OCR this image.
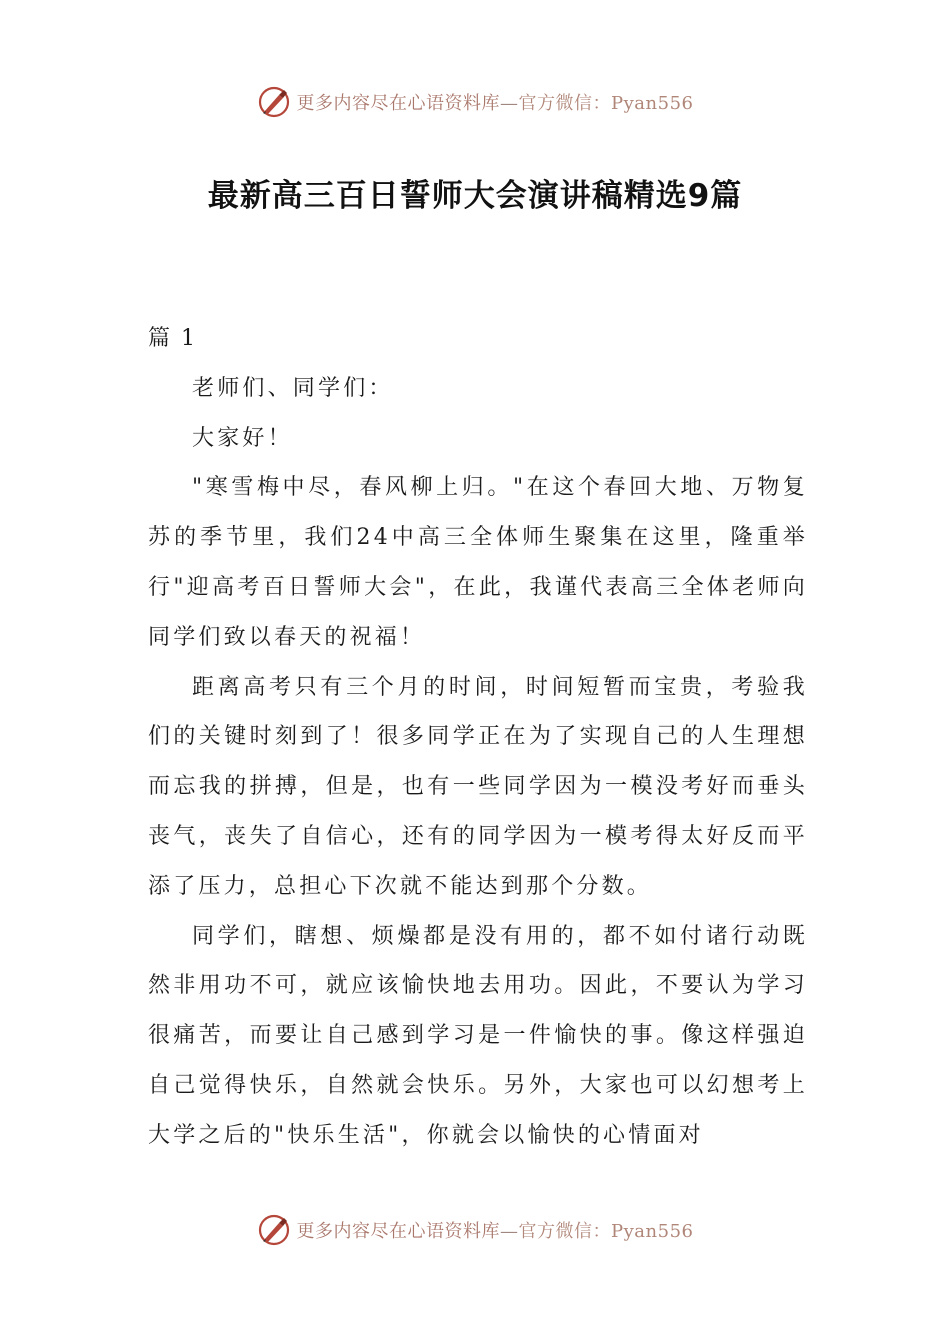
更多内容尽在心语资料库—官方微信：Pyan556
最新高三百日誓师大会演讲稿精选9篇

篇 1

老师们、同学们：

大家好！

"寒雪梅中尽，春风柳上归。"在这个春回大地、万物复苏的季节里，我们24中高三全体师生聚集在这里，隆重举行"迎高考百日誓师大会"，在此，我谨代表高三全体老师向同学们致以春天的祝福！

距离高考只有三个月的时间，时间短暂而宝贵，考验我们的关键时刻到了！很多同学正在为了实现自己的人生理想而忘我的拼搏，但是，也有一些同学因为一模没考好而垂头丧气，丧失了自信心，还有的同学因为一模考得太好反而平添了压力，总担心下次就不能达到那个分数。

同学们，瞎想、烦燥都是没有用的，都不如付诸行动既然非用功不可，就应该愉快地去用功。因此，不要认为学习很痛苦，而要让自己感到学习是一件愉快的事。像这样强迫自己觉得快乐，自然就会快乐。另外，大家也可以幻想考上大学之后的"快乐生活"，你就会以愉快的心情面对

更多内容尽在心语资料库—官方微信：Pyan556
